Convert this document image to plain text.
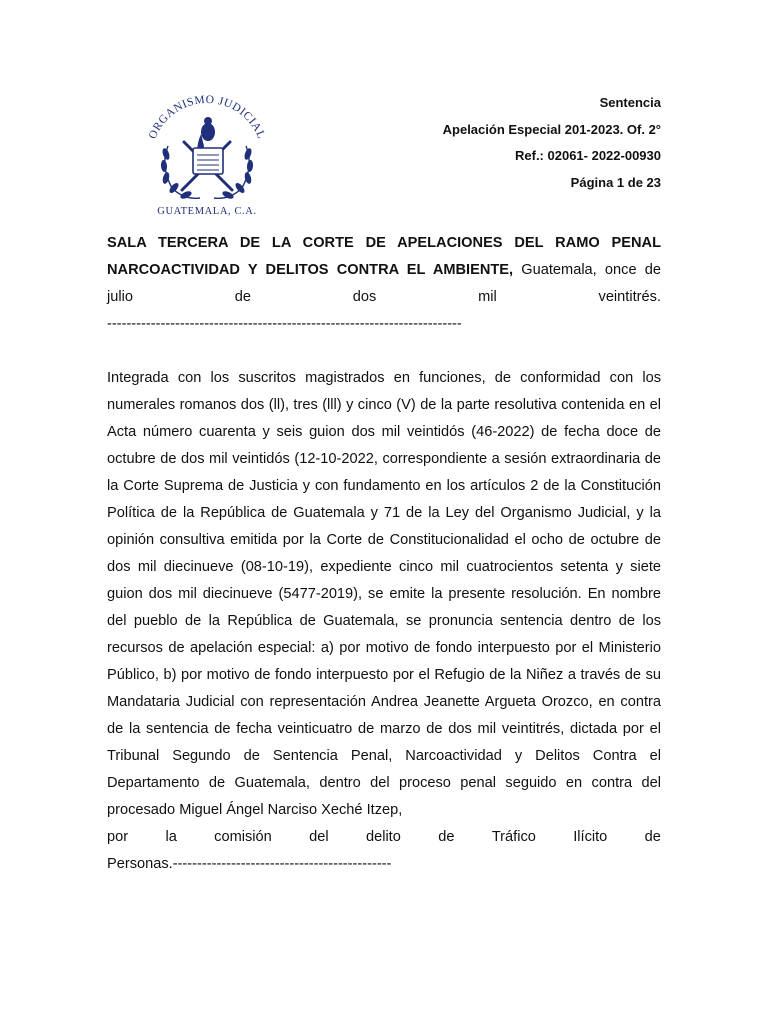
ORGANISMO JUDICIAL
GUATEMALA, C.A.
Sentencia
Apelación Especial 201-2023. Of. 2°
Ref.: 02061- 2022-00930
Página 1 de 23

SALA TERCERA DE LA CORTE DE APELACIONES DEL RAMO PENAL

NARCOACTIVIDAD Y DELITOS CONTRA EL AMBIENTE, Guatemala, once de

julio	de	dos	mil	veintitrés.

-------------------------------------------------------------------------

Integrada con los suscritos magistrados en funciones, de conformidad con los numerales romanos dos (ll), tres (lll) y cinco (V) de la parte resolutiva contenida en el Acta número cuarenta y seis guion dos mil veintidós (46-2022) de fecha doce de octubre de dos mil veintidós (12-10-2022, correspondiente a sesión extraordinaria de la Corte Suprema de Justicia y con fundamento en los artículos 2 de la Constitución Política de la República de Guatemala y 71 de la Ley del Organismo Judicial, y la opinión consultiva emitida por la Corte de Constitucionalidad el ocho de octubre de dos mil diecinueve (08-10-19), expediente cinco mil cuatrocientos setenta y siete guion dos mil diecinueve (5477-2019), se emite la presente resolución. En nombre del pueblo de la República de Guatemala, se pronuncia sentencia dentro de los recursos de apelación especial: a) por motivo de fondo interpuesto por el Ministerio Público, b) por motivo de fondo interpuesto por el Refugio de la Niñez a través de su Mandataria Judicial con representación Andrea Jeanette Argueta Orozco, en contra de la sentencia de fecha veinticuatro de marzo de dos mil veintitrés, dictada por el Tribunal Segundo de Sentencia Penal, Narcoactividad y Delitos Contra el Departamento de Guatemala, dentro del proceso penal seguido en contra del procesado Miguel Ángel Narciso Xeché Itzep,

por	la	comisión	del	delito	de	Tráfico	Ilícito	de

Personas.---------------------------------------------
